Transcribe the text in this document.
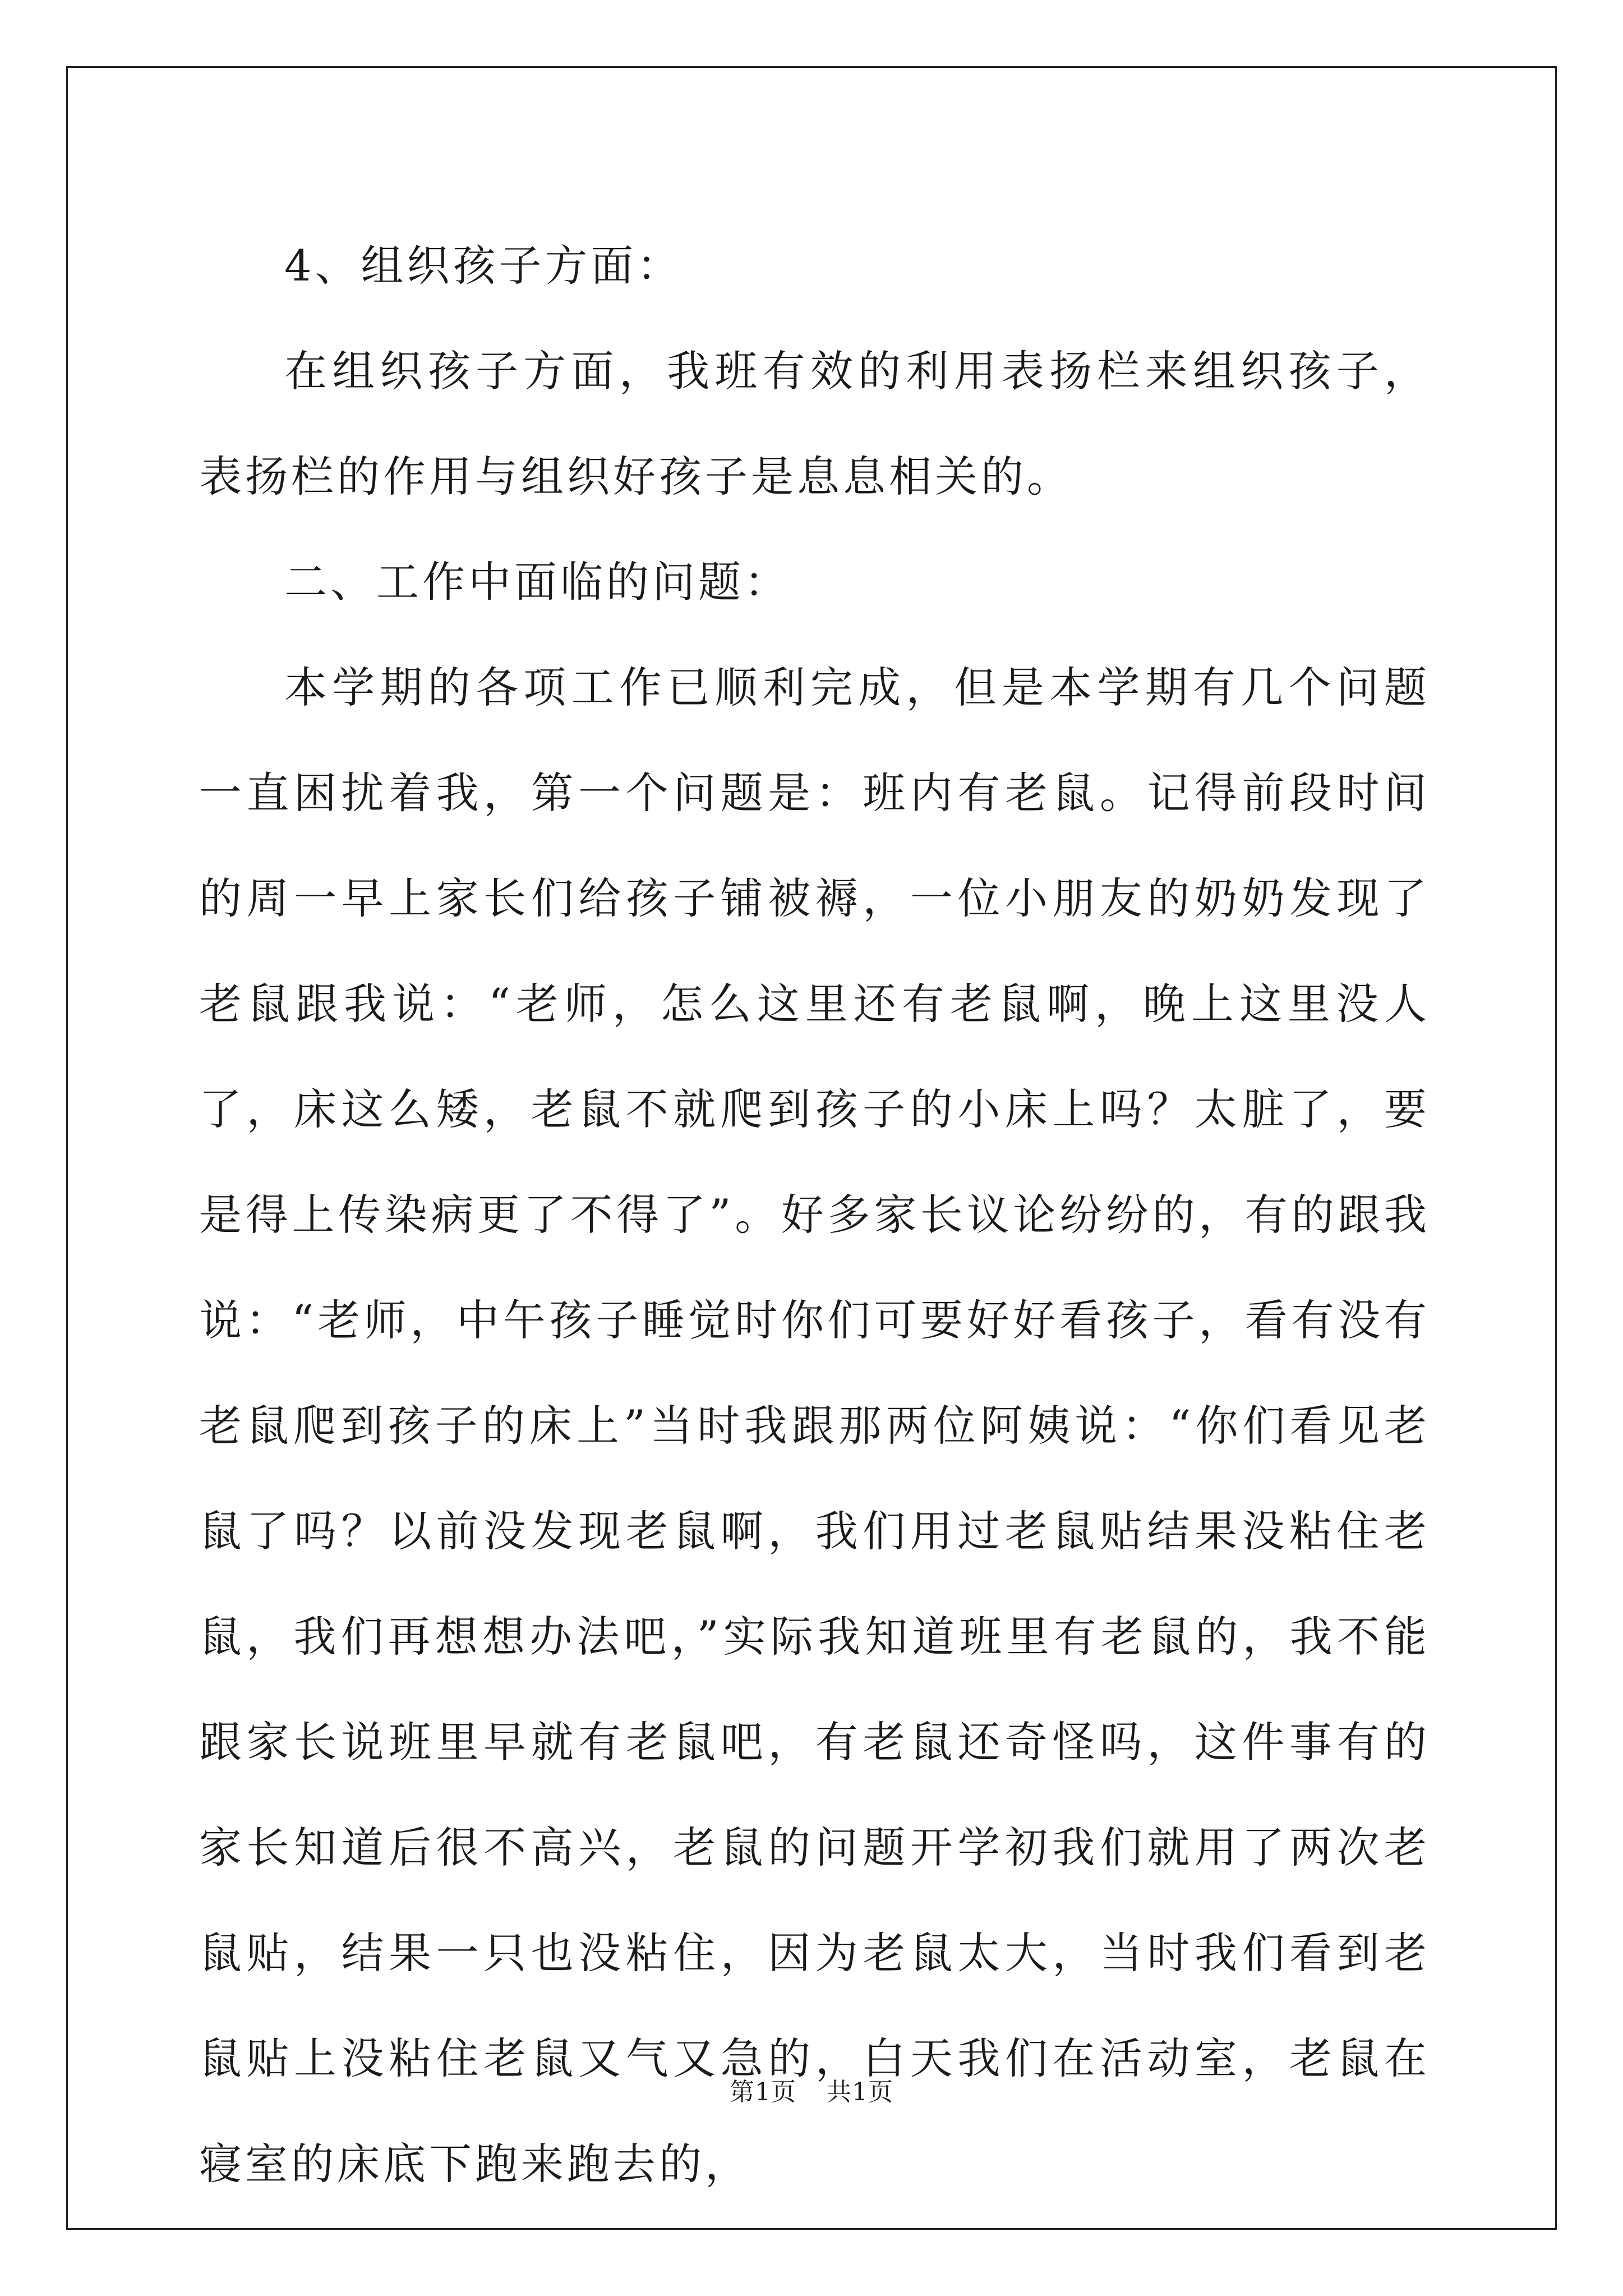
4、组织孩子方面：

在组织孩子方面，我班有效的利用表扬栏来组织孩子，表扬栏的作用与组织好孩子是息息相关的。

二、工作中面临的问题：

本学期的各项工作已顺利完成，但是本学期有几个问题一直困扰着我，第一个问题是：班内有老鼠。记得前段时间的周一早上家长们给孩子铺被褥，一位小朋友的奶奶发现了老鼠跟我说：“老师，怎么这里还有老鼠啊，晚上这里没人了，床这么矮，老鼠不就爬到孩子的小床上吗？太脏了，要是得上传染病更了不得了”。好多家长议论纷纷的，有的跟我说：“老师，中午孩子睡觉时你们可要好好看孩子，看有没有老鼠爬到孩子的床上”当时我跟那两位阿姨说：“你们看见老鼠了吗？以前没发现老鼠啊，我们用过老鼠贴结果没粘住老鼠，我们再想想办法吧，”实际我知道班里有老鼠的，我不能跟家长说班里早就有老鼠吧，有老鼠还奇怪吗，这件事有的家长知道后很不高兴，老鼠的问题开学初我们就用了两次老鼠贴，结果一只也没粘住，因为老鼠太大，当时我们看到老鼠贴上没粘住老鼠又气又急的，白天我们在活动室，老鼠在寝室的床底下跑来跑去的，

第1页 共1页
